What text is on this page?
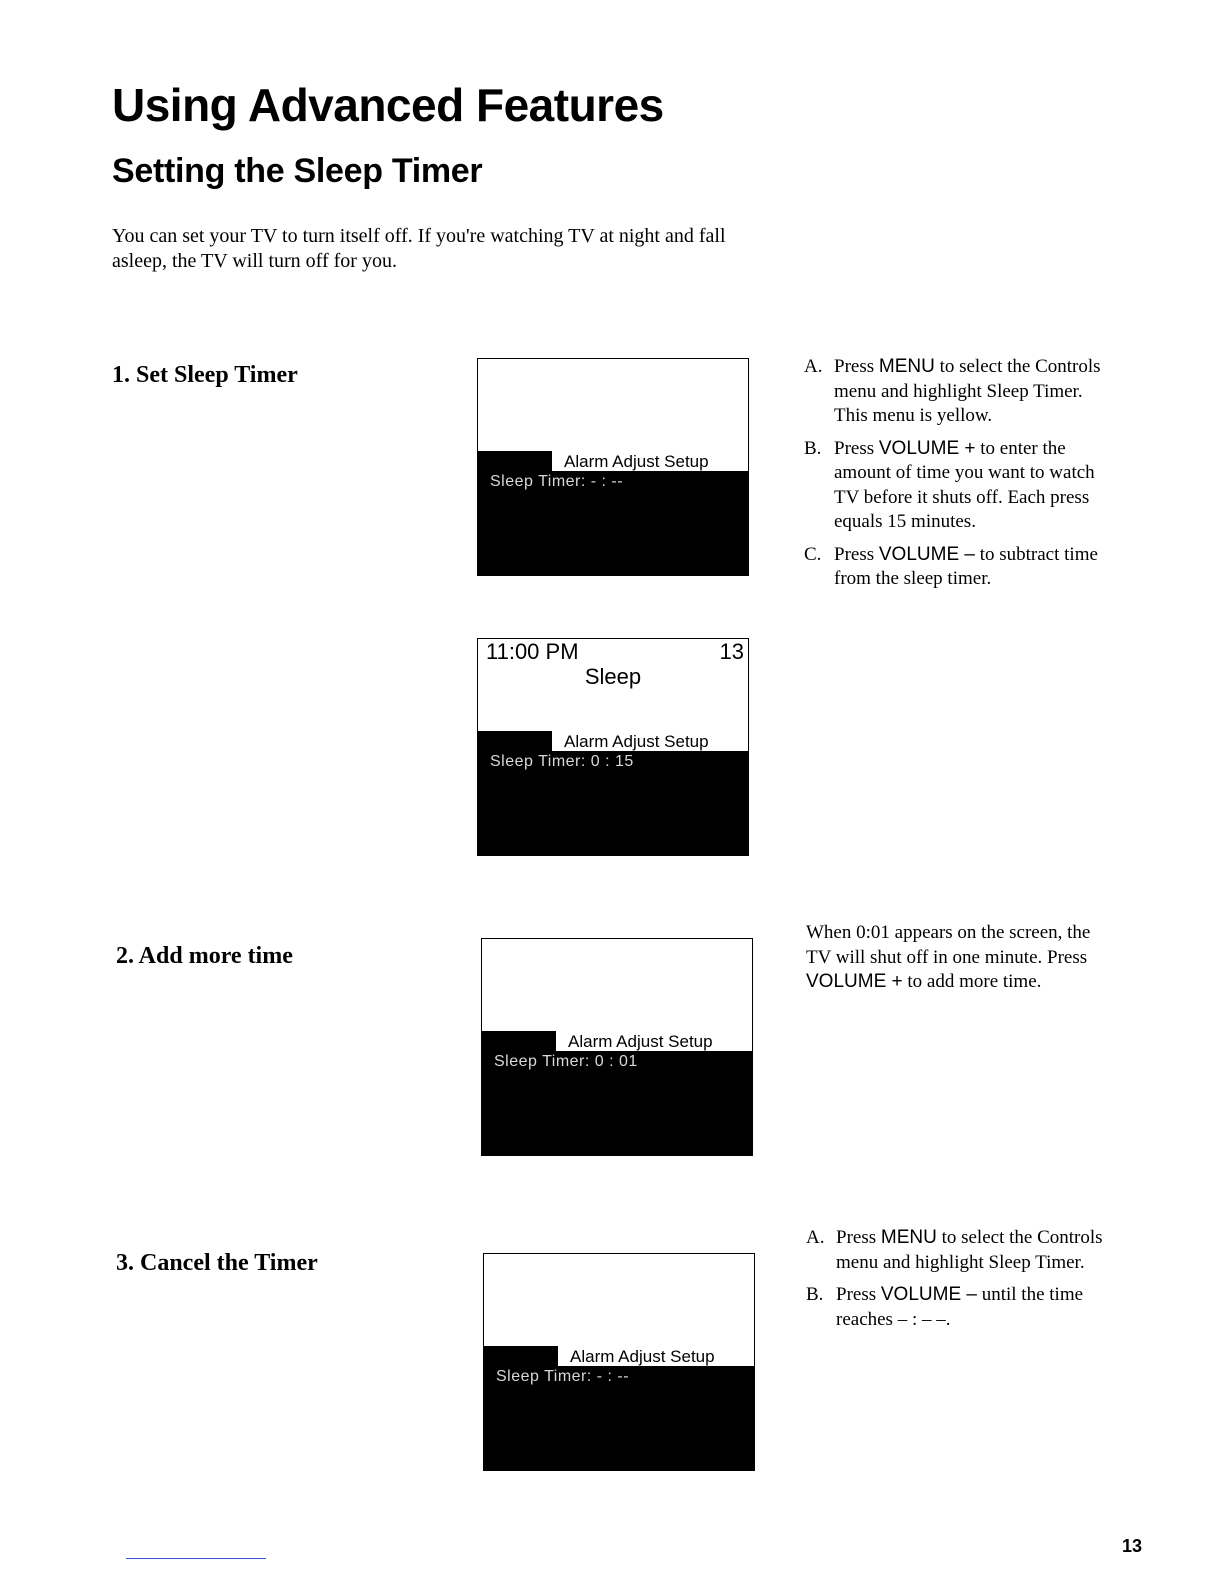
Using Advanced Features
Setting the Sleep Timer

You can set your TV to turn itself off. If you're watching TV at night and fall asleep, the TV will turn off for you.

1. Set Sleep Timer
Alarm Adjust Setup
Sleep Timer: - : --
11:00 PM	13
Sleep
Alarm Adjust Setup
Sleep Timer: 0 : 15
A. Press MENU to select the Controls menu and highlight Sleep Timer. This menu is yellow.
B. Press VOLUME + to enter the amount of time you want to watch TV before it shuts off. Each press equals 15 minutes.
C. Press VOLUME – to subtract time from the sleep timer.
2. Add more time
Alarm Adjust Setup
Sleep Timer: 0 : 01

When 0:01 appears on the screen, the TV will shut off in one minute. Press VOLUME + to add more time.

3. Cancel the Timer
Alarm Adjust Setup
Sleep Timer: - : --
A. Press MENU to select the Controls menu and highlight Sleep Timer.
B. Press VOLUME – until the time reaches – : – –.
13
